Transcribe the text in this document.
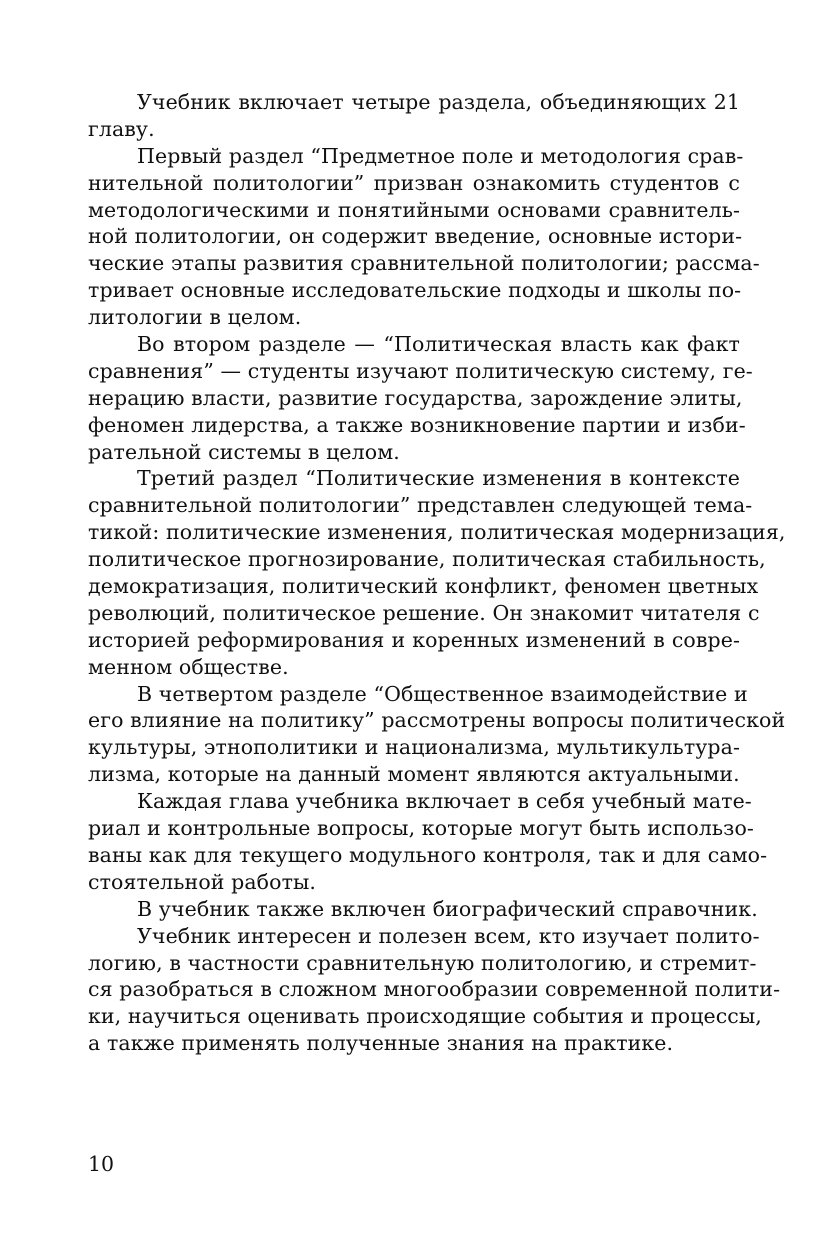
Учебник включает четыре раздела, объединяющих 21
главу.
Первый раздел “Предметное поле и методология срав-
нительной политологии” призван ознакомить студентов с
методологическими и понятийными основами сравнитель-
ной политологии, он содержит введение, основные истори-
ческие этапы развития сравнительной политологии; рассма-
тривает основные исследовательские подходы и школы по-
литологии в целом.
Во втором разделе — “Политическая власть как факт
сравнения” — студенты изучают политическую систему, ге-
нерацию власти, развитие государства, зарождение элиты,
феномен лидерства, а также возникновение партии и изби-
рательной системы в целом.
Третий раздел “Политические изменения в контексте
сравнительной политологии” представлен следующей тема-
тикой: политические изменения, политическая модернизация,
политическое прогнозирование, политическая стабильность,
демократизация, политический конфликт, феномен цветных
революций, политическое решение. Он знакомит читателя с
историей реформирования и коренных изменений в совре-
менном обществе.
В четвертом разделе “Общественное взаимодействие и
его влияние на политику” рассмотрены вопросы политической
культуры, этнополитики и национализма, мультикультура-
лизма, которые на данный момент являются актуальными.
Каждая глава учебника включает в себя учебный мате-
риал и контрольные вопросы, которые могут быть использо-
ваны как для текущего модульного контроля, так и для само-
стоятельной работы.
В учебник также включен биографический справочник.
Учебник интересен и полезен всем, кто изучает полито-
логию, в частности сравнительную политологию, и стремит-
ся разобраться в сложном многообразии современной полити-
ки, научиться оценивать происходящие события и процессы,
а также применять полученные знания на практике.
10
